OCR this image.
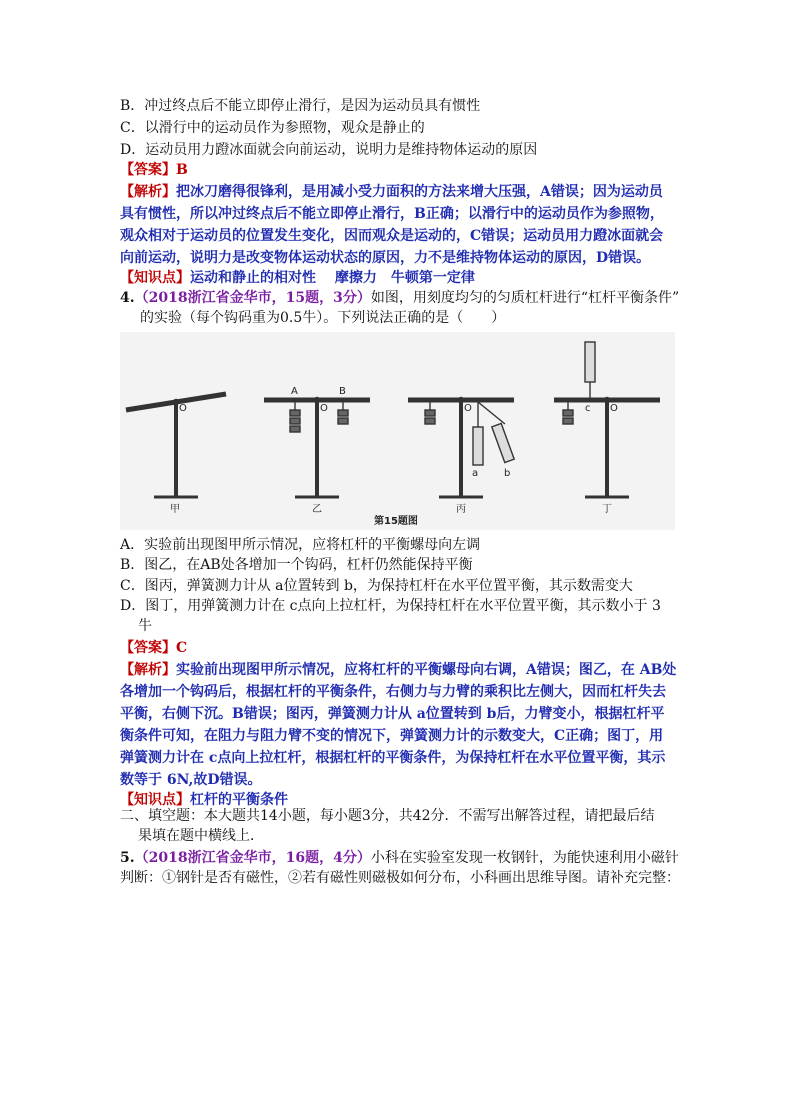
B．冲过终点后不能立即停止滑行，是因为运动员具有惯性
C．以滑行中的运动员作为参照物，观众是静止的
D．运动员用力蹬冰面就会向前运动，说明力是维持物体运动的原因
【答案】B
【解析】把冰刀磨得很锋利，是用减小受力面积的方法来增大压强，A错误；因为运动员
具有惯性，所以冲过终点后不能立即停止滑行，B正确；以滑行中的运动员作为参照物，
观众相对于运动员的位置发生变化，因而观众是运动的，C错误；运动员用力蹬冰面就会
向前运动，说明力是改变物体运动状态的原因，力不是维持物体运动的原因，D错误。
【知识点】运动和静止的相对性　 摩擦力　牛顿第一定律
4.（2018浙江省金华市，15题，3分）如图，用刻度均匀的匀质杠杆进行“杠杆平衡条件”
的实验（每个钩码重为0.5牛）。下列说法正确的是（　　）
O	O	O	O
A	B
a	b
c
甲	乙	丙	丁
第15题图
A．实验前出现图甲所示情况，应将杠杆的平衡螺母向左调
B．图乙，在AB处各增加一个钩码，杠杆仍然能保持平衡
C．图丙，弹簧测力计从 a位置转到 b，为保持杠杆在水平位置平衡，其示数需变大
D．图丁，用弹簧测力计在 c点向上拉杠杆，为保持杠杆在水平位置平衡，其示数小于 3
牛
【答案】C
【解析】实验前出现图甲所示情况，应将杠杆的平衡螺母向右调，A错误；图乙，在 AB处
各增加一个钩码后，根据杠杆的平衡条件，右侧力与力臂的乘积比左侧大，因而杠杆失去
平衡，右侧下沉。B错误；图丙，弹簧测力计从 a位置转到 b后，力臂变小，根据杠杆平
衡条件可知，在阻力与阻力臂不变的情况下，弹簧测力计的示数变大，C正确；图丁，用
弹簧测力计在 c点向上拉杠杆，根据杠杆的平衡条件，为保持杠杆在水平位置平衡，其示
数等于 6N,故D错误。
【知识点】杠杆的平衡条件
二、填空题：本大题共14小题，每小题3分，共42分．不需写出解答过程，请把最后结
果填在题中横线上．
5.（2018浙江省金华市，16题，4分）小科在实验室发现一枚钢针，为能快速利用小磁针
判断：①钢针是否有磁性，②若有磁性则磁极如何分布，小科画出思维导图。请补充完整：
